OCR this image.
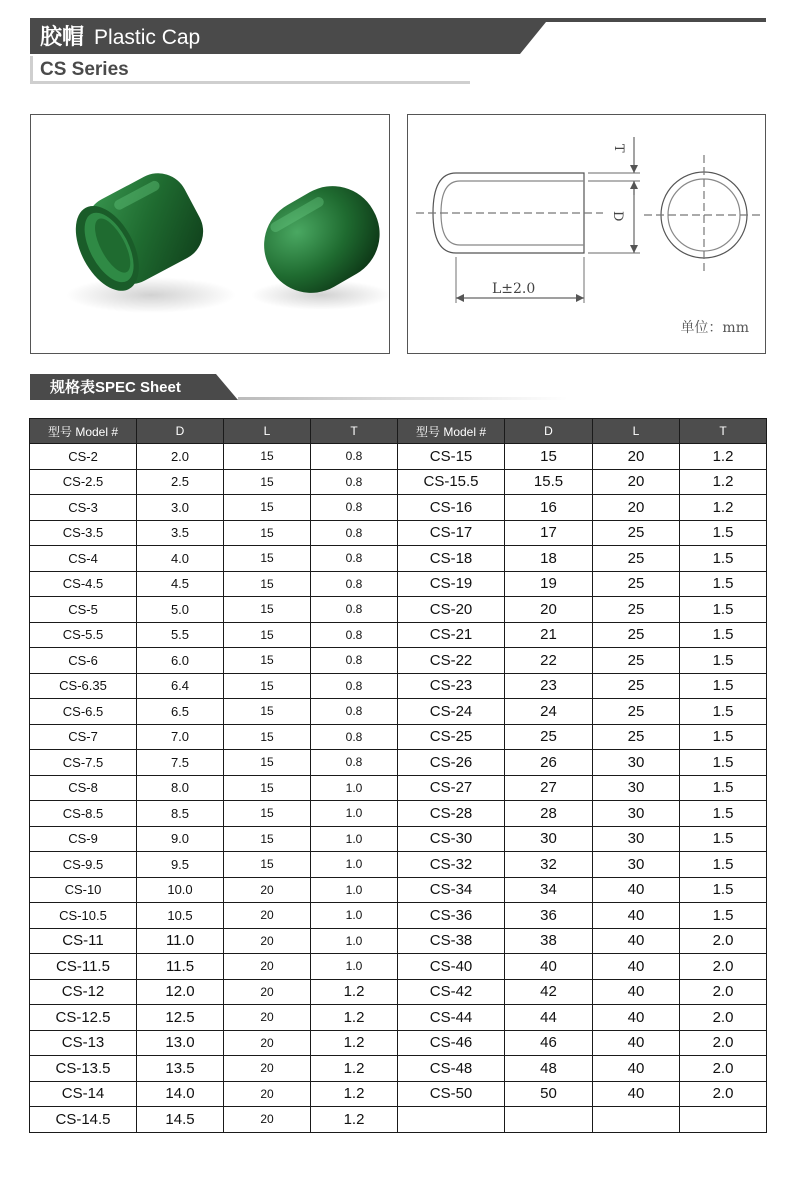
胶帽 Plastic Cap
CS Series
T
D
L±2.0
单位：mm
规格表SPEC Sheet
型号 Model #	D	L	T	型号 Model #	D	L	T
CS-2	2.0	15	0.8	CS-15	15	20	1.2
CS-2.5	2.5	15	0.8	CS-15.5	15.5	20	1.2
CS-3	3.0	15	0.8	CS-16	16	20	1.2
CS-3.5	3.5	15	0.8	CS-17	17	25	1.5
CS-4	4.0	15	0.8	CS-18	18	25	1.5
CS-4.5	4.5	15	0.8	CS-19	19	25	1.5
CS-5	5.0	15	0.8	CS-20	20	25	1.5
CS-5.5	5.5	15	0.8	CS-21	21	25	1.5
CS-6	6.0	15	0.8	CS-22	22	25	1.5
CS-6.35	6.4	15	0.8	CS-23	23	25	1.5
CS-6.5	6.5	15	0.8	CS-24	24	25	1.5
CS-7	7.0	15	0.8	CS-25	25	25	1.5
CS-7.5	7.5	15	0.8	CS-26	26	30	1.5
CS-8	8.0	15	1.0	CS-27	27	30	1.5
CS-8.5	8.5	15	1.0	CS-28	28	30	1.5
CS-9	9.0	15	1.0	CS-30	30	30	1.5
CS-9.5	9.5	15	1.0	CS-32	32	30	1.5
CS-10	10.0	20	1.0	CS-34	34	40	1.5
CS-10.5	10.5	20	1.0	CS-36	36	40	1.5
CS-11	11.0	20	1.0	CS-38	38	40	2.0
CS-11.5	11.5	20	1.0	CS-40	40	40	2.0
CS-12	12.0	20	1.2	CS-42	42	40	2.0
CS-12.5	12.5	20	1.2	CS-44	44	40	2.0
CS-13	13.0	20	1.2	CS-46	46	40	2.0
CS-13.5	13.5	20	1.2	CS-48	48	40	2.0
CS-14	14.0	20	1.2	CS-50	50	40	2.0
CS-14.5	14.5	20	1.2				
